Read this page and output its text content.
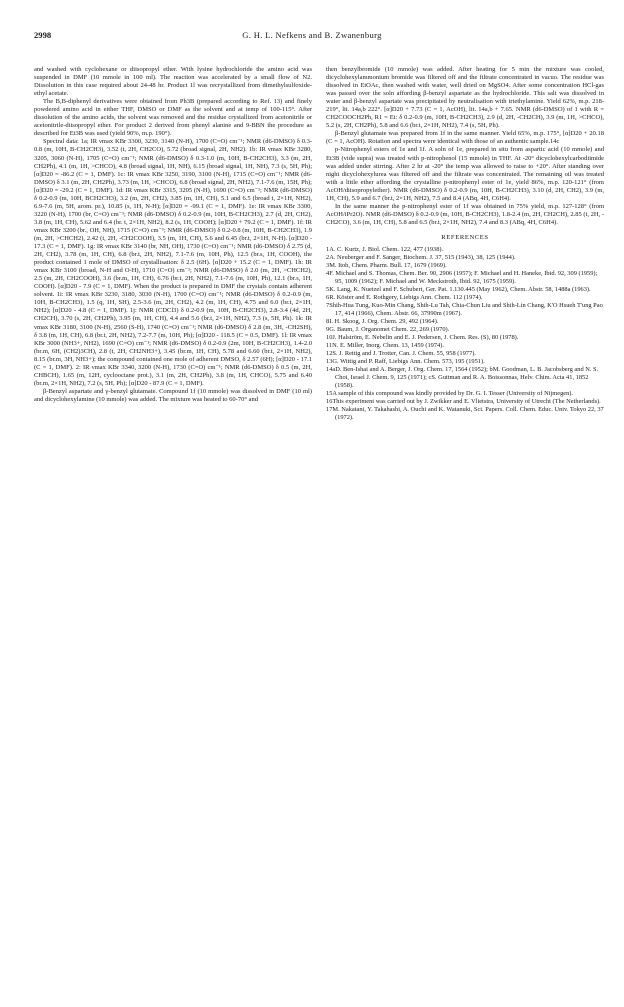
2998	G. H. L. Nefkens and B. Zwanenburg

and washed with cyclohexane or diisopropyl ether. With lysine hydrochloride the amino acid was suspended in DMF (10 mmole in 100 ml). The reaction was accelerated by a small flow of N2. Dissolution in this case required about 24-48 hr. Product 1l was recrystallized from dimethylsulfoxide-ethyl acetate.

The B,B-diphenyl derivatives were obtained from Ph3B (prepared according to Ref. 13) and finely powdered amino acid in either THF, DMSO or DMF as the solvent and at temp of 100-115°. After dissolution of the amino acids, the solvent was removed and the residue crystallized from acetonitrile or acetonitrile-diisopropyl ether. For product 2 derived from phenyl alanine and 9-BBN the procedure as described for Et3B was used (yield 90%, m.p. 190°).

Spectral data: 1a; IR νmax KBr 3300, 3230, 3140 (N-H), 1700 (C=O) cm⁻¹; NMR (d6-DMSO) δ 0.3-0.8 (m, 10H, B-CH2CH3), 3.52 (t, 2H, CH2CO), 5.72 (broad signal, 2H, NH2). 1b: IR νmax KBr 3280, 3205, 3060 (N-H), 1705 (C=O) cm⁻¹; NMR (d6-DMSO) δ 0.3-1.0 (m, 10H, B-CH2CH3), 3.3 (m, 2H, CH2Ph), 4.1 (m, 1H, >CHCO), 4.8 (broad signal, 1H, NH), 6.15 (broad signal, 1H, NH), 7.3 (s, 5H, Ph); [α]D20 = -86.2 (C = 1, DMF). 1c: IR νmax KBr 3250, 3190, 3100 (N-H), 1715 (C=O) cm⁻¹; NMR (d6-DMSO) δ 3.1 (m, 2H, CH2Ph), 3.73 (m, 1H, >CHCO), 6.8 (broad signal, 2H, NH2), 7.1-7.6 (m, 15H, Ph); [α]D20 = -29.2 (C = 1, DMF). 1d: IR νmax KBr 3315, 3205 (N-H), 1690 (C=O) cm⁻¹; NMR (d6-DMSO) δ 0.2-0.9 (m, 10H, BCH2CH3), 3.2 (m, 2H, CH2), 3.85 (m, 1H, CH), 5.1 and 6.5 (broad t, 2×1H, NH2), 6.9-7.6 (m, 5H, arom. pr.), 10.85 (s, 1H, N-H); [α]D20 = -99.1 (C = 1, DMF). 1e: IR νmax KBr 3300, 3220 (N-H), 1700 (br, C=O) cm⁻¹; NMR (d6-DMSO) δ 0.2-0.9 (m, 10H, B-CH2CH3), 2.7 (d, 2H, CH2), 3.8 (m, 1H, CH), 5.62 and 6.4 (br. t, 2×1H, NH2), 8.2 (s, 1H, COOH); [α]D20 + 79.2 (C = 1, DMF). 1f: IR νmax KBr 3200 (br., OH, NH), 1715 (C=O) cm⁻¹; NMR (d6-DMSO) δ 0.2-0.8 (m, 10H, B-CH2CH3), 1.9 (m, 2H, >CHCH2), 2.42 (t, 2H, -CH2COOH), 3.5 (m, 1H, CH), 5.6 and 6.45 (br.t, 2×1H, N-H). [α]D20 - 17.3 (C = 1, DMF). 1g: IR νmax KBr 3140 (br, NH, OH), 1730 (C=O) cm⁻¹; NMR (d6-DMSO) δ 2.75 (d, 2H, CH2), 3.78 (m, 1H, CH), 6.8 (br.t, 2H, NH2), 7.1-7.6 (m, 10H, Ph), 12.5 (br.s, 1H, COOH), the product contained 1 mole of DMSO of crystallisation: δ 2.5 (6H). [α]D20 + 15.2 (C = 1, DMF). 1h: IR νmax KBr 3100 (broad, N-H and O-H), 1710 (C=O) cm⁻¹; NMR (d6-DMSO) δ 2.0 (m, 2H, >CHCH2), 2.5 (m, 2H, CH2COOH), 3.6 (br.m, 1H, CH), 6.76 (br.t, 2H, NH2), 7.1-7.6 (m, 10H, Ph), 12.1 (br.s, 1H, COOH). [α]D20 - 7.9 (C = 1, DMF). When the product is prepared in DMF the crystals contain adherent solvent. 1i: IR νmax KBr 3230, 3180, 3030 (N-H), 1700 (C=O) cm⁻¹; NMR (d6-DMSO) δ 0.2-0.9 (m, 10H, B-CH2CH3), 1.5 (q, 1H, SH), 2.5-3.6 (m, 2H, CH2), 4.2 (m, 1H, CH), 4.75 and 6.0 (br.t, 2×1H, NH2); [α]D20 - 4.8 (C = 1, DMF). 1j: NMR (CDCl3) δ 0.2-0.9 (m, 10H, B-CH2CH3), 2.8-3.4 (4d, 2H, CH2CH), 3.70 (s, 2H, CH2Ph), 3.95 (m, 1H, CH), 4.4 and 5.6 (br.t, 2×1H, NH2), 7.3 (s, 5H, Ph). 1k: IR νmax KBr 3180, 3100 (N-H), 2560 (S-H), 1740 (C=O) cm⁻¹; NMR (d6-DMSO) δ 2.8 (m, 3H, -CH2SH), δ 3.8 (m, 1H, CH), 6.8 (br.t, 2H, NH2), 7.2-7.7 (m, 10H, Ph); [α]D20 - 118.5 (C = 0.5, DMF). 1l: IR νmax KBr 3000 (NH3+, NH2), 1690 (C=O) cm⁻¹; NMR (d6-DMSO) δ 0.2-0.9 (2m, 10H, B-CH2CH3), 1.4-2.0 (br.m, 6H, (CH2)3CH), 2.8 (t, 2H, CH2NH3+), 3.45 (br.m, 1H, CH), 5.78 and 6.60 (br.t, 2×1H, NH2), 8.15 (br.m, 3H, NH3+); the compound contained one mole of adherent DMSO, δ 2.57 (6H); [α]D20 - 17.1 (C = 1, DMF). 2: IR νmax KBr 3340, 3200 (N-H), 1730 (C=O) cm⁻¹; NMR (d6-DMSO) δ 0.5 (m, 2H, CHBCH), 1.65 (m, 12H, cyclooctane prot.), 3.1 (m, 2H, CH2Ph), 3.8 (m, 1H, CHCO), 5.75 and 6.40 (br.m, 2×1H, NH2), 7.2 (s, 5H, Ph); [α]D20 - 87.9 (C = 1, DMF).

β-Benzyl aspartate and γ-benzyl glutamate. Compound 1f (10 mmole) was dissolved in DMF (10 ml) and dicyclohexylamine (10 mmole) was added. The mixture was heated to 60-70° and

then benzylbromide (10 mmole) was added. After heating for 5 min the mixture was cooled, dicyclohexylammonium bromide was filtered off and the filtrate concentrated in vacuo. The residue was dissolved in EtOAc, then washed with water, well dried on MgSO4. After some concentration HCl-gas was passed over the soln affording β-benzyl aspartate as the hydrochloride. This salt was dissolved in water and β-benzyl aspartate was precipitated by neutralisation with triethylamine. Yield 62%, m.p. 218-219°, lit. 14a,b 222°. [α]D20 + 7.73 (C = 1, AcOH), lit. 14a,b + 7.65. NMR (d6-DMSO) of 1 with R = CH2COOCH2Ph, R1 = Et: δ 0.2-0.9 (m, 10H, B-CH2CH3), 2.9 (d, 2H, -CH2CH), 3.9 (m, 1H, >CHCO), 5.2 (s, 2H, CH2Ph), 5.8 and 6.6 (br.t, 2×1H, NH2), 7.4 (s, 5H, Ph).

β-Benzyl glutamate was prepared from 1f in the same manner. Yield 65%, m.p. 175°, [α]D20 + 20.18 (C = 1, AcOH). Rotation and spectra were identical with those of an authentic sample.14c

p-Nitrophenyl esters of 1e and 1f. A soln of 1e, prepared in situ from aspartic acid (10 mmole) and Et3B (vide supra) was treated with p-nitrophenol (15 mmole) in THF. At -20° dicyclohexylcarbodiimide was added under stirring. After 2 hr at -20° the temp was allowed to raise to +20°. After standing over night dicyclohexylurea was filtered off and the filtrate was concentrated. The remaining oil was treated with a little ether affording the crystalline p-nitrophenyl ester of 1e, yield 86%, m.p. 120-121° (from AcOH/diisopropylether). NMR (d6-DMSO) δ 0.2-0.9 (m, 10H, B-CH2CH3), 3.10 (d, 2H, CH2), 3.9 (m, 1H, CH), 5.9 and 6.7 (br.t, 2×1H, NH2), 7.5 and 8.4 (ABq, 4H, C6H4).

In the same manner the p-nitrophenyl ester of 1f was obtained in 75% yield, m.p. 127-128° (from AcOH/iPr2O). NMR (d6-DMSO) δ 0.2-0.9 (m, 10H, B-CH2CH3), 1.8-2.4 (m, 2H, CH2CH), 2.85 (t, 2H, -CH2CO), 3.6 (m, 1H, CH), 5.8 and 6.5 (br.t, 2×1H, NH2), 7.4 and 8.3 (ABq, 4H, C6H4).

REFERENCES
1A. C. Kurtz, J. Biol. Chem. 122, 477 (1938).
2A. Neuberger and F. Sanger, Biochem. J. 37, 515 (1943), 38, 125 (1944).
3M. Itoh, Chem. Pharm. Bull. 17, 1679 (1969).
4F. Michael and S. Thomas, Chem. Ber. 90, 2906 (1957); F. Michael and H. Haneke, Ibid. 92, 309 (1959); 95, 1009 (1962); F. Michael and W. Meckstroth, Ibid. 92, 1675 (1959).
5K. Lang, K. Nuetzel and F. Schubert, Ger. Pat. 1.130.445 (May 1962), Chem. Abstr. 58, 1488a (1963).
6R. Köster and E. Rothgery, Liebigs Ann. Chem. 112 (1974).
7Shih-Hua Tung, Kuo-Min Chang, Shih-Lu Tah, Chia-Chun Liu and Shih-Lin Chang, K'O Hsueh T'ung Pao 17, 414 (1966), Chem. Abstr. 66, 37990m (1967).
8I. H. Skoog, J. Org. Chem. 29, 492 (1964).
9G. Baum, J. Organomet Chem. 22, 269 (1970).
10J. Halström, E. Nebelin and E. J. Pedersen, J. Chem. Res. (S), 80 (1978).
11N. E. Miller, Inorg. Chem. 13, 1459 (1974).
12S. J. Rettig and J. Trotter, Can. J. Chem. 55, 958 (1977).
13G. Wittig and P. Raff, Liebigs Ann. Chem. 573, 195 (1951).
14aD. Ben-Ishai and A. Berger, J. Org. Chem. 17, 1564 (1952); bM. Goodman, L. B. Jacobsberg and N. S. Choi, Israel J. Chem. 9, 125 (1971); cS. Guttman and R. A. Boissonnas, Helv. Chim. Acta 41, 1852 (1958).
15A sample of this compound was kindly provided by Dr. G. I. Tesser (University of Nijmegen).
16This experiment was carried out by J. Zwikker and E. Vlietstra, University of Utrecht (The Netherlands).
17M. Nakatani, Y. Takahashi, A. Ouchi and K. Watanuki, Sci. Papers. Coll. Chem. Educ. Univ. Tokyo 22, 37 (1972).
